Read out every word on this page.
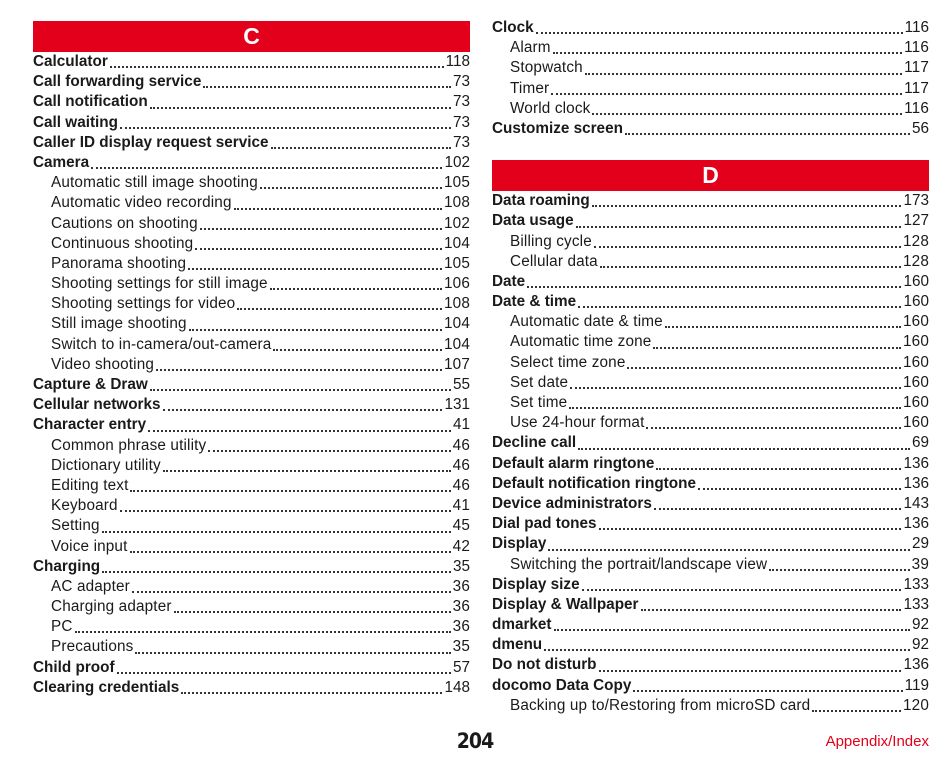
C
Calculator	118
Call forwarding service	73
Call notification	73
Call waiting	73
Caller ID display request service	73
Camera	102
Automatic still image shooting	105
Automatic video recording	108
Cautions on shooting	102
Continuous shooting	104
Panorama shooting	105
Shooting settings for still image	106
Shooting settings for video	108
Still image shooting	104
Switch to in-camera/out-camera	104
Video shooting	107
Capture & Draw	55
Cellular networks	131
Character entry	41
Common phrase utility	46
Dictionary utility	46
Editing text	46
Keyboard	41
Setting	45
Voice input	42
Charging	35
AC adapter	36
Charging adapter	36
PC	36
Precautions	35
Child proof	57
Clearing credentials	148
Clock	116
Alarm	116
Stopwatch	117
Timer	117
World clock	116
Customize screen	56
D
Data roaming	173
Data usage	127
Billing cycle	128
Cellular data	128
Date	160
Date & time	160
Automatic date & time	160
Automatic time zone	160
Select time zone	160
Set date	160
Set time	160
Use 24-hour format	160
Decline call	69
Default alarm ringtone	136
Default notification ringtone	136
Device administrators	143
Dial pad tones	136
Display	29
Switching the portrait/landscape view	39
Display size	133
Display & Wallpaper	133
dmarket	92
dmenu	92
Do not disturb	136
docomo Data Copy	119
Backing up to/Restoring from microSD card	120
204	Appendix/Index
